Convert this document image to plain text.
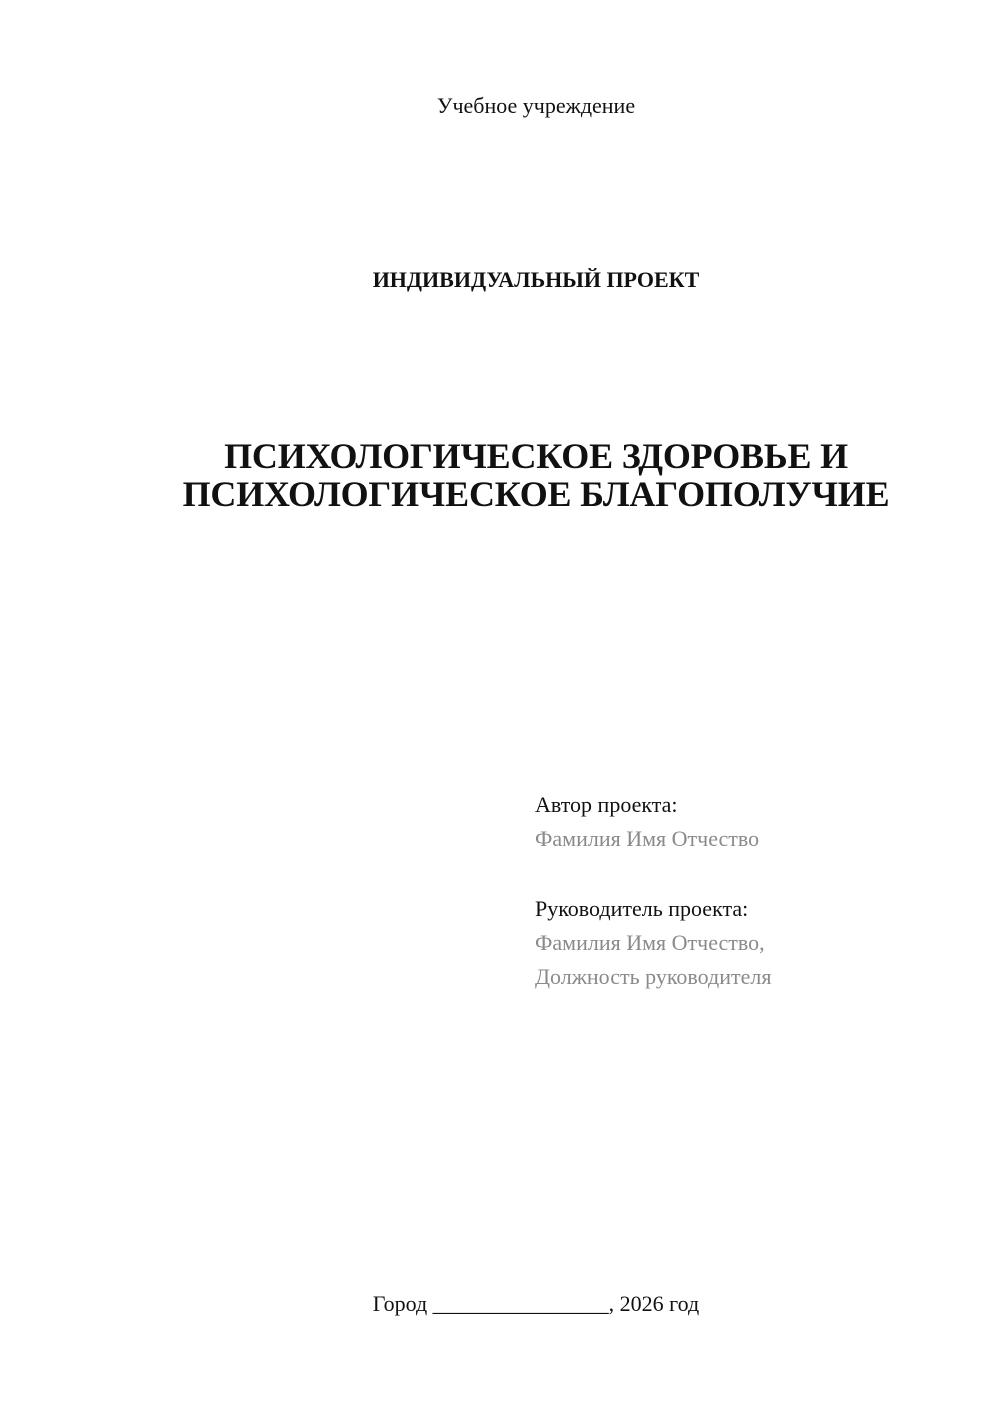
Учебное учреждение
ИНДИВИДУАЛЬНЫЙ ПРОЕКТ
ПСИХОЛОГИЧЕСКОЕ ЗДОРОВЬЕ И
ПСИХОЛОГИЧЕСКОЕ БЛАГОПОЛУЧИЕ
Автор проекта:
Фамилия Имя Отчество
Руководитель проекта:
Фамилия Имя Отчество,
Должность руководителя
Город ________________, 2026 год
